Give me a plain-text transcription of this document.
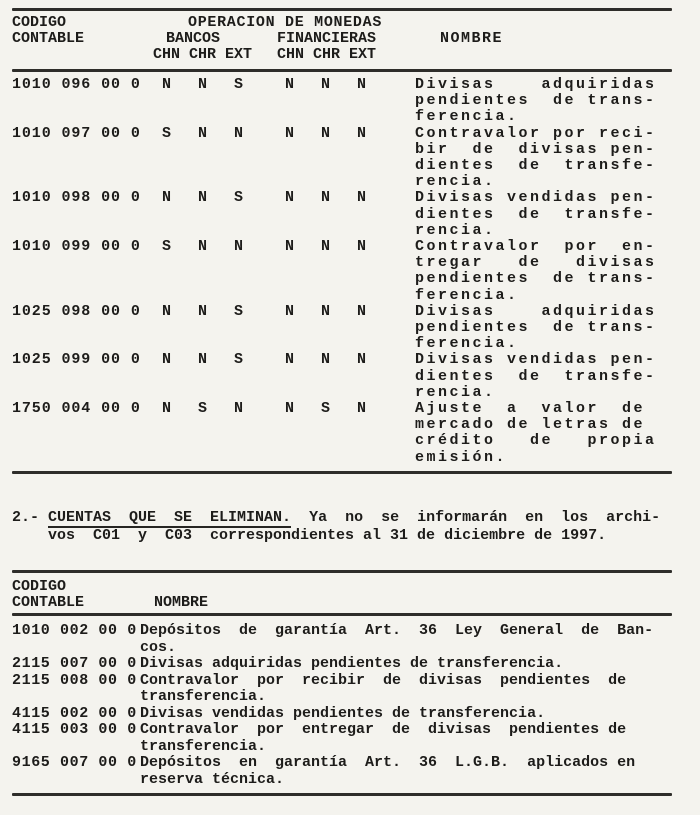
CODIGO	OPERACION DE MONEDAS
CONTABLE	BANCOS	FINANCIERAS	NOMBRE
CHN CHR EXT CHN CHR EXT
1010 096 00 0 N   N   S	N   N   N	Divisas    adquiridas
pendientes  de trans-
ferencia.
1010 097 00 0 S   N   N	N   N   N	Contravalor por reci-
bir  de  divisas pen-
dientes  de  transfe-
rencia.
1010 098 00 0 N   N   S	N   N   N	Divisas vendidas pen-
dientes  de  transfe-
rencia.
1010 099 00 0 S   N   N	N   N   N	Contravalor  por  en-
tregar   de   divisas
pendientes  de trans-
ferencia.
1025 098 00 0 N   N   S	N   N   N	Divisas    adquiridas
pendientes  de trans-
ferencia.
1025 099 00 0 N   N   S	N   N   N	Divisas vendidas pen-
dientes  de  transfe-
rencia.
1750 004 00 0 N   S   N	N   S   N	Ajuste  a  valor  de
mercado de letras de
crédito   de   propia
emisión.
2.- CUENTAS  QUE  SE  ELIMINAN.  Ya  no  se  informarán  en  los  archi-
vos  C01  y  C03  correspondientes al 31 de diciembre de 1997.
CODIGO
CONTABLE	NOMBRE
1010 002 00 0 Depósitos  de  garantía  Art.  36  Ley  General  de  Ban-
cos.
2115 007 00 0 Divisas adquiridas pendientes de transferencia.
2115 008 00 0 Contravalor  por  recibir  de  divisas  pendientes  de
transferencia.
4115 002 00 0 Divisas vendidas pendientes de transferencia.
4115 003 00 0 Contravalor  por  entregar  de  divisas  pendientes de
transferencia.
9165 007 00 0 Depósitos  en  garantía  Art.  36  L.G.B.  aplicados en
reserva técnica.
